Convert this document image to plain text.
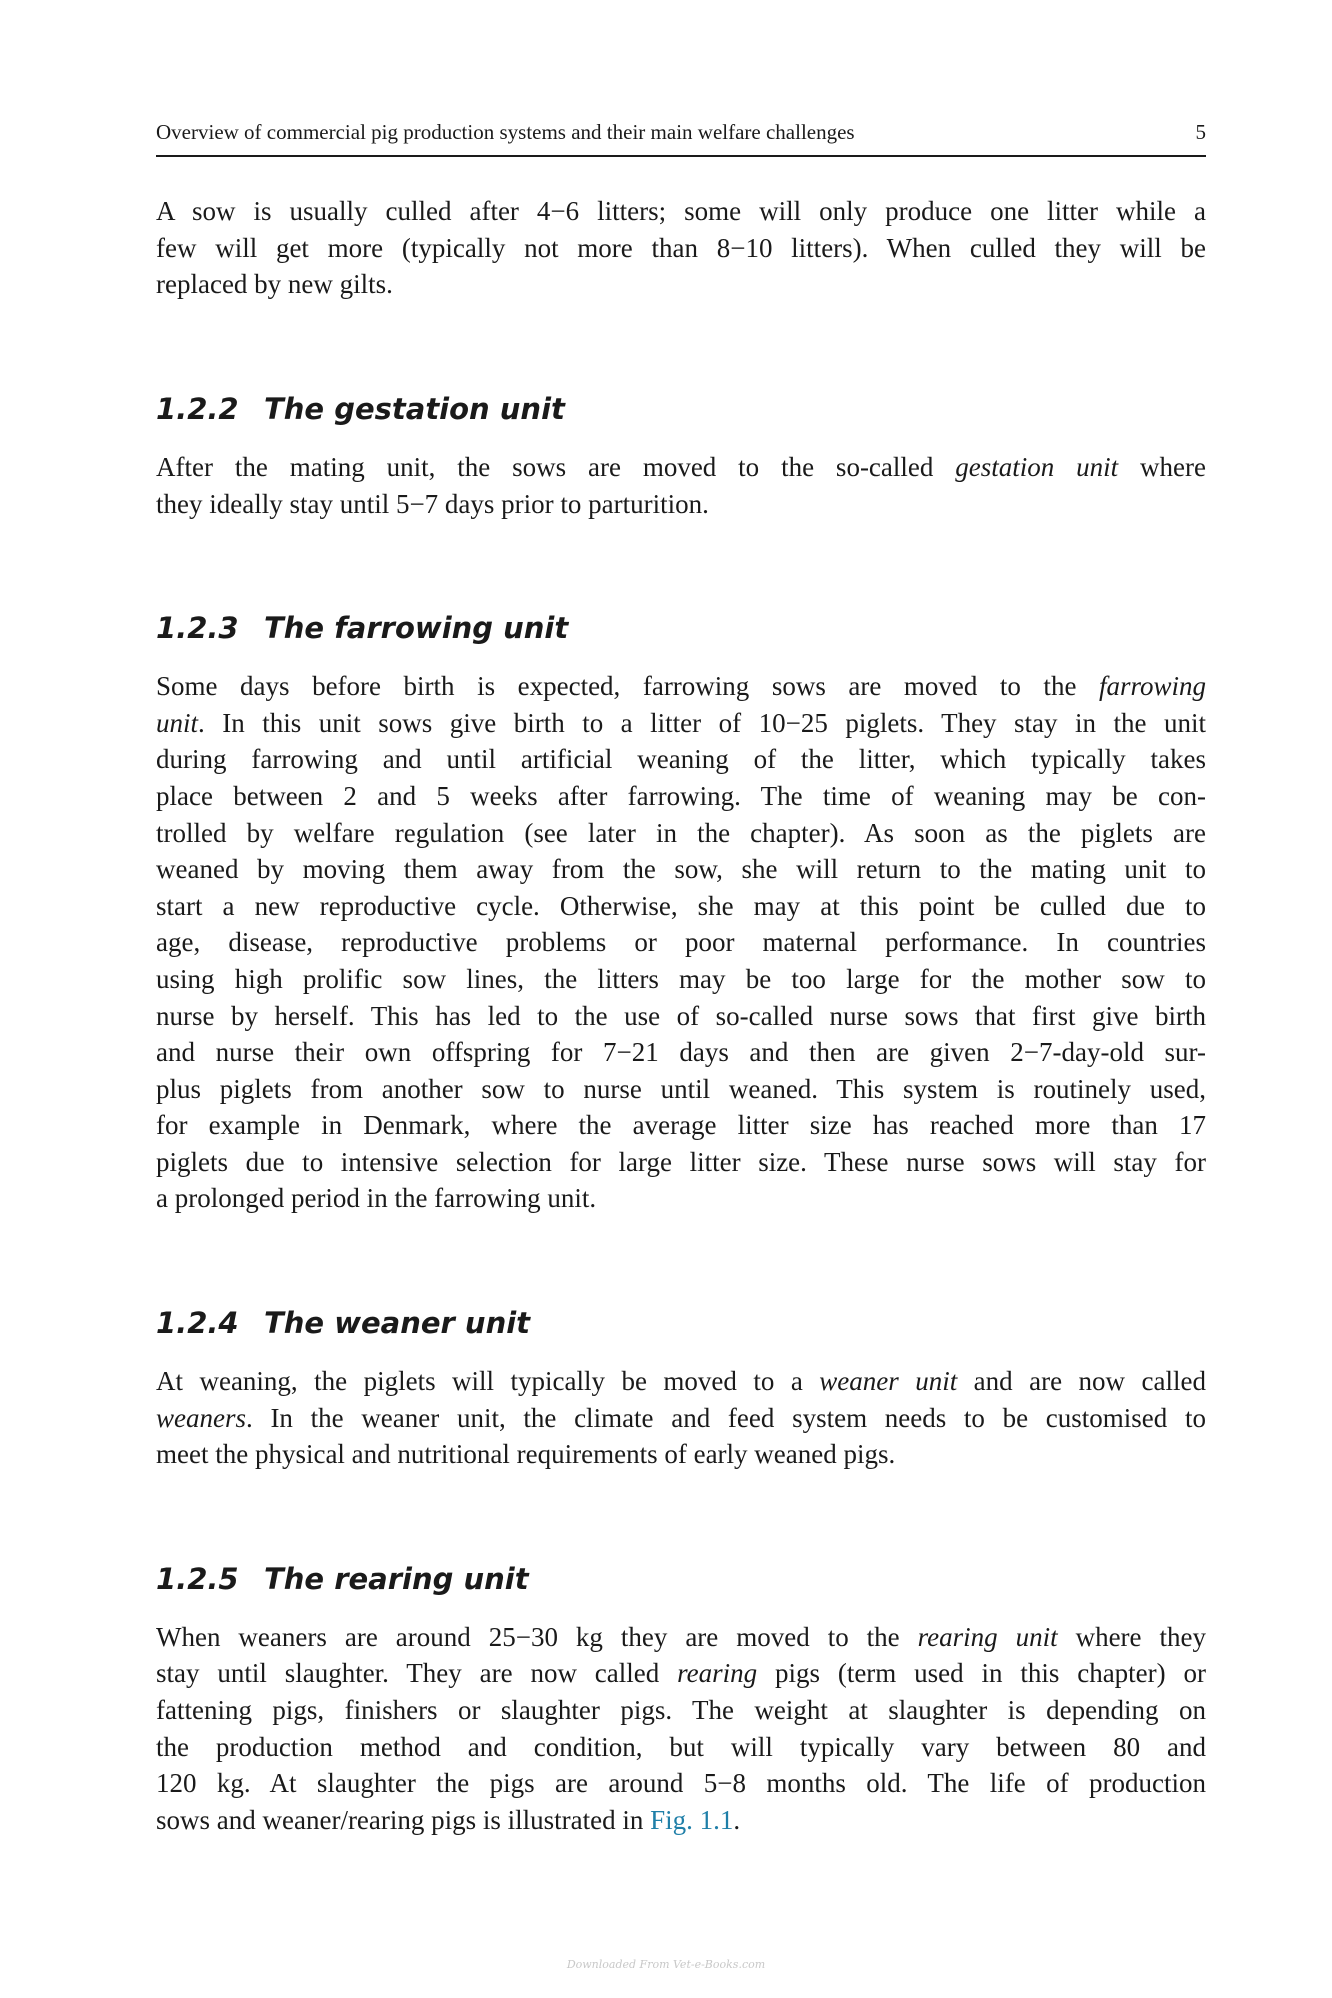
Overview of commercial pig production systems and their main welfare challenges	5

A sow is usually culled after 4−6 litters; some will only produce one litter while a
few will get more (typically not more than 8−10 litters). When culled they will be
replaced by new gilts.

1.2.2 The gestation unit

After the mating unit, the sows are moved to the so-called gestation unit where
they ideally stay until 5−7 days prior to parturition.

1.2.3 The farrowing unit

Some days before birth is expected, farrowing sows are moved to the farrowing
unit. In this unit sows give birth to a litter of 10−25 piglets. They stay in the unit
during farrowing and until artificial weaning of the litter, which typically takes
place between 2 and 5 weeks after farrowing. The time of weaning may be con-
trolled by welfare regulation (see later in the chapter). As soon as the piglets are
weaned by moving them away from the sow, she will return to the mating unit to
start a new reproductive cycle. Otherwise, she may at this point be culled due to
age, disease, reproductive problems or poor maternal performance. In countries
using high prolific sow lines, the litters may be too large for the mother sow to
nurse by herself. This has led to the use of so-called nurse sows that first give birth
and nurse their own offspring for 7−21 days and then are given 2−7-day-old sur-
plus piglets from another sow to nurse until weaned. This system is routinely used,
for example in Denmark, where the average litter size has reached more than 17
piglets due to intensive selection for large litter size. These nurse sows will stay for
a prolonged period in the farrowing unit.

1.2.4 The weaner unit

At weaning, the piglets will typically be moved to a weaner unit and are now called
weaners. In the weaner unit, the climate and feed system needs to be customised to
meet the physical and nutritional requirements of early weaned pigs.

1.2.5 The rearing unit

When weaners are around 25−30 kg they are moved to the rearing unit where they
stay until slaughter. They are now called rearing pigs (term used in this chapter) or
fattening pigs, finishers or slaughter pigs. The weight at slaughter is depending on
the production method and condition, but will typically vary between 80 and
120 kg. At slaughter the pigs are around 5−8 months old. The life of production
sows and weaner/rearing pigs is illustrated in Fig. 1.1.

Downloaded From Vet-e-Books.com
